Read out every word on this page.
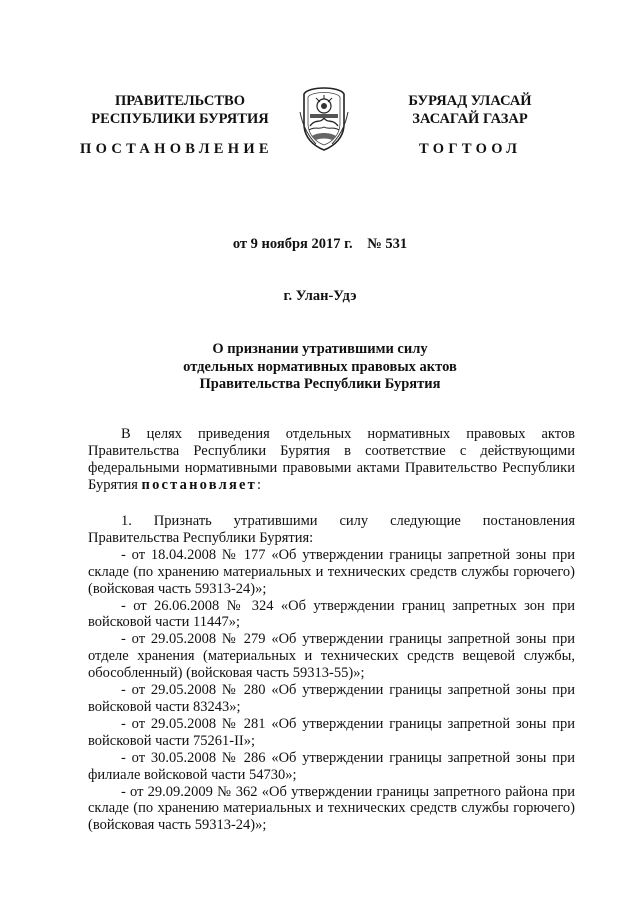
ПРАВИТЕЛЬСТВО
РЕСПУБЛИКИ БУРЯТИЯ
БУРЯАД УЛАСАЙ
ЗАСАГАЙ ГАЗАР
ПОСТАНОВЛЕНИЕ	ТОГТООЛ
от 9 ноября 2017 г. № 531
г. Улан-Удэ
О признании утратившими силу
отдельных нормативных правовых актов
Правительства Республики Бурятия

В целях приведения отдельных нормативных правовых актов Правительства Республики Бурятия в соответствие с действующими федеральными нормативными правовыми актами Правительство Республики Бурятия постановляет:

1. Признать утратившими силу следующие постановления Правительства Республики Бурятия:

- от 18.04.2008 № 177 «Об утверждении границы запретной зоны при складе (по хранению материальных и технических средств службы горючего) (войсковая часть 59313-24)»;

- от 26.06.2008 № 324 «Об утверждении границ запретных зон при войсковой части 11447»;

- от 29.05.2008 № 279 «Об утверждении границы запретной зоны при отделе хранения (материальных и технических средств вещевой службы, обособленный) (войсковая часть 59313-55)»;

- от 29.05.2008 № 280 «Об утверждении границы запретной зоны при войсковой части 83243»;

- от 29.05.2008 № 281 «Об утверждении границы запретной зоны при войсковой части 75261-II»;

- от 30.05.2008 № 286 «Об утверждении границы запретной зоны при филиале войсковой части 54730»;

- от 29.09.2009 № 362 «Об утверждении границы запретного района при складе (по хранению материальных и технических средств службы горючего) (войсковая часть 59313-24)»;
